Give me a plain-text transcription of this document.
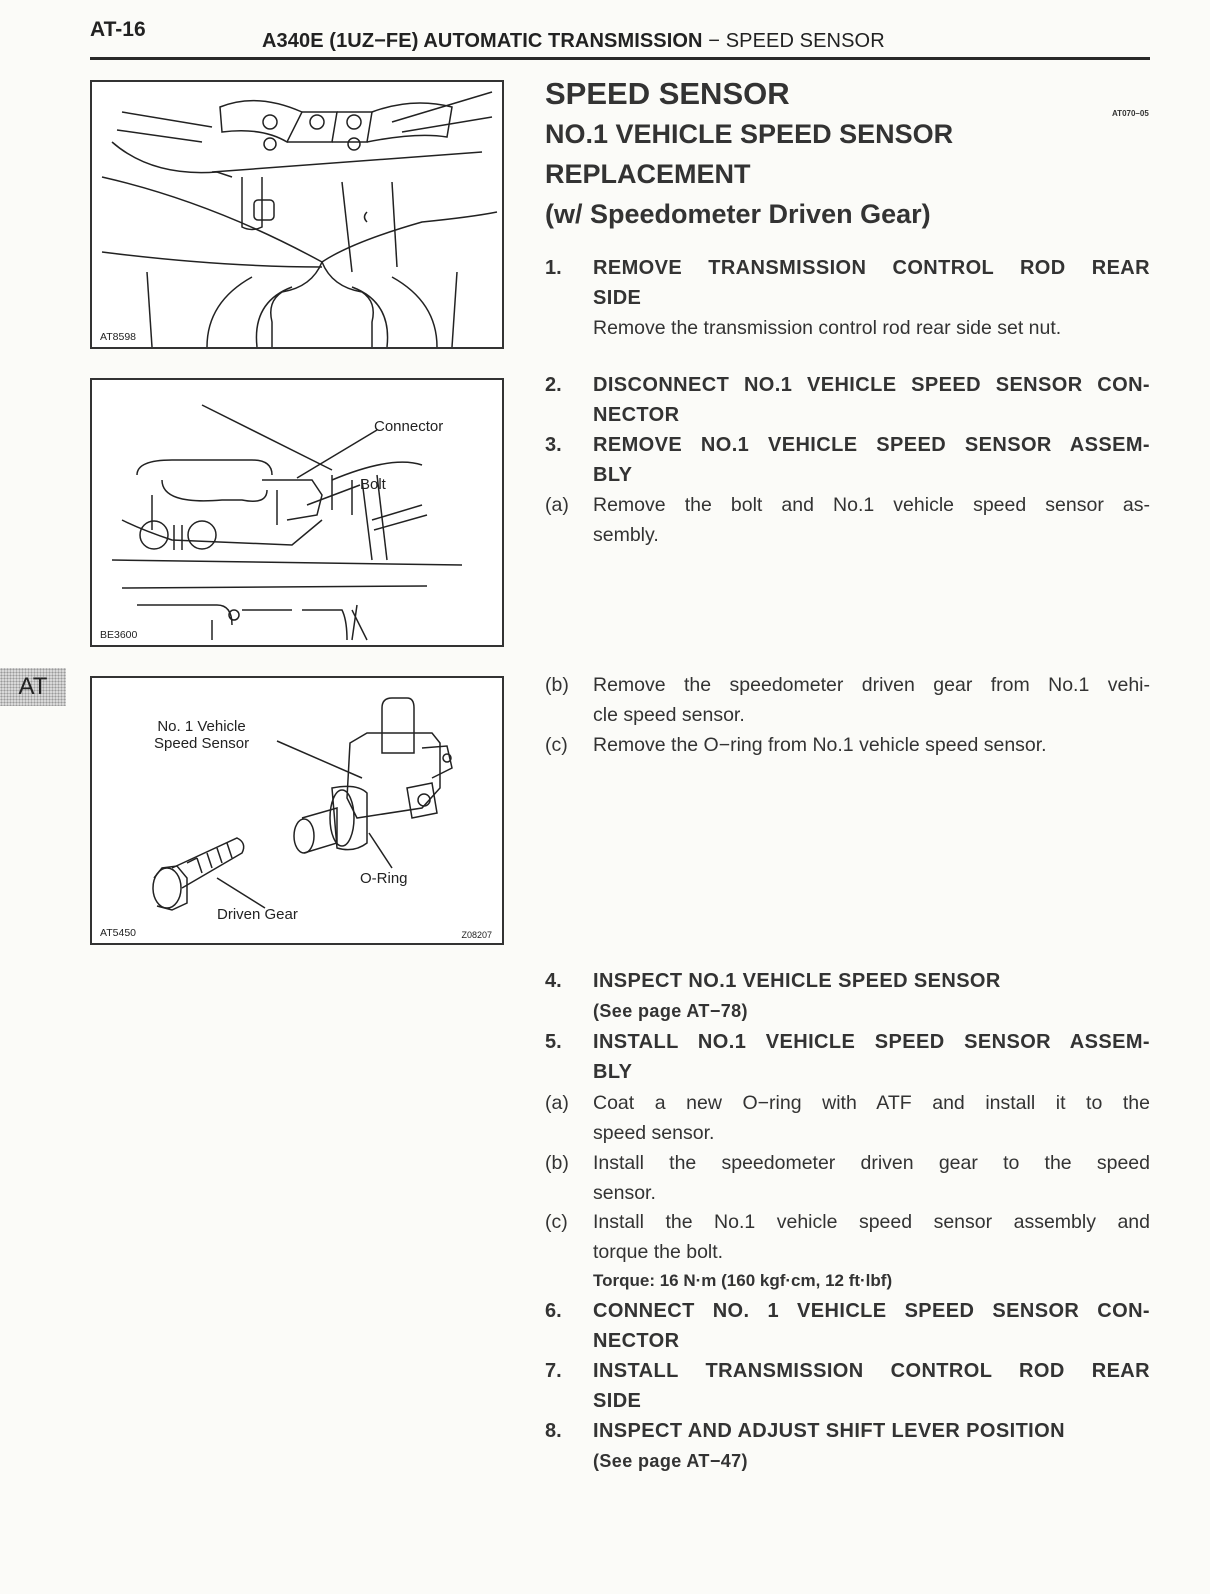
AT-16	A340E (1UZ−FE) AUTOMATIC TRANSMISSION − SPEED SENSOR
AT
AT8598
Connector
Bolt
BE3600
No. 1 Vehicle
Speed Sensor
O-Ring
Driven Gear
AT5450	Z08207
SPEED SENSOR
NO.1 VEHICLE SPEED SENSOR
REPLACEMENT
(w/ Speedometer Driven Gear)
AT070–05
1. REMOVE TRANSMISSION CONTROL ROD REAR
SIDE
Remove the transmission control rod rear side set nut.
2. DISCONNECT NO.1 VEHICLE SPEED SENSOR CON-
NECTOR
3. REMOVE NO.1 VEHICLE SPEED SENSOR ASSEM-
BLY
(a) Remove the bolt and No.1 vehicle speed sensor as-
sembly.
(b) Remove the speedometer driven gear from No.1 vehi-
cle speed sensor.
(c) Remove the O−ring from No.1 vehicle speed sensor.
4. INSPECT NO.1 VEHICLE SPEED SENSOR
(See page AT−78)
5. INSTALL NO.1 VEHICLE SPEED SENSOR ASSEM-
BLY
(a) Coat a new O−ring with ATF and install it to the
speed sensor.
(b) Install the speedometer driven gear to the speed
sensor.
(c) Install the No.1 vehicle speed sensor assembly and
torque the bolt.
Torque: 16 N·m (160 kgf·cm, 12 ft·lbf)
6. CONNECT NO. 1 VEHICLE SPEED SENSOR CON-
NECTOR
7. INSTALL TRANSMISSION CONTROL ROD REAR
SIDE
8. INSPECT AND ADJUST SHIFT LEVER POSITION
(See page AT−47)
